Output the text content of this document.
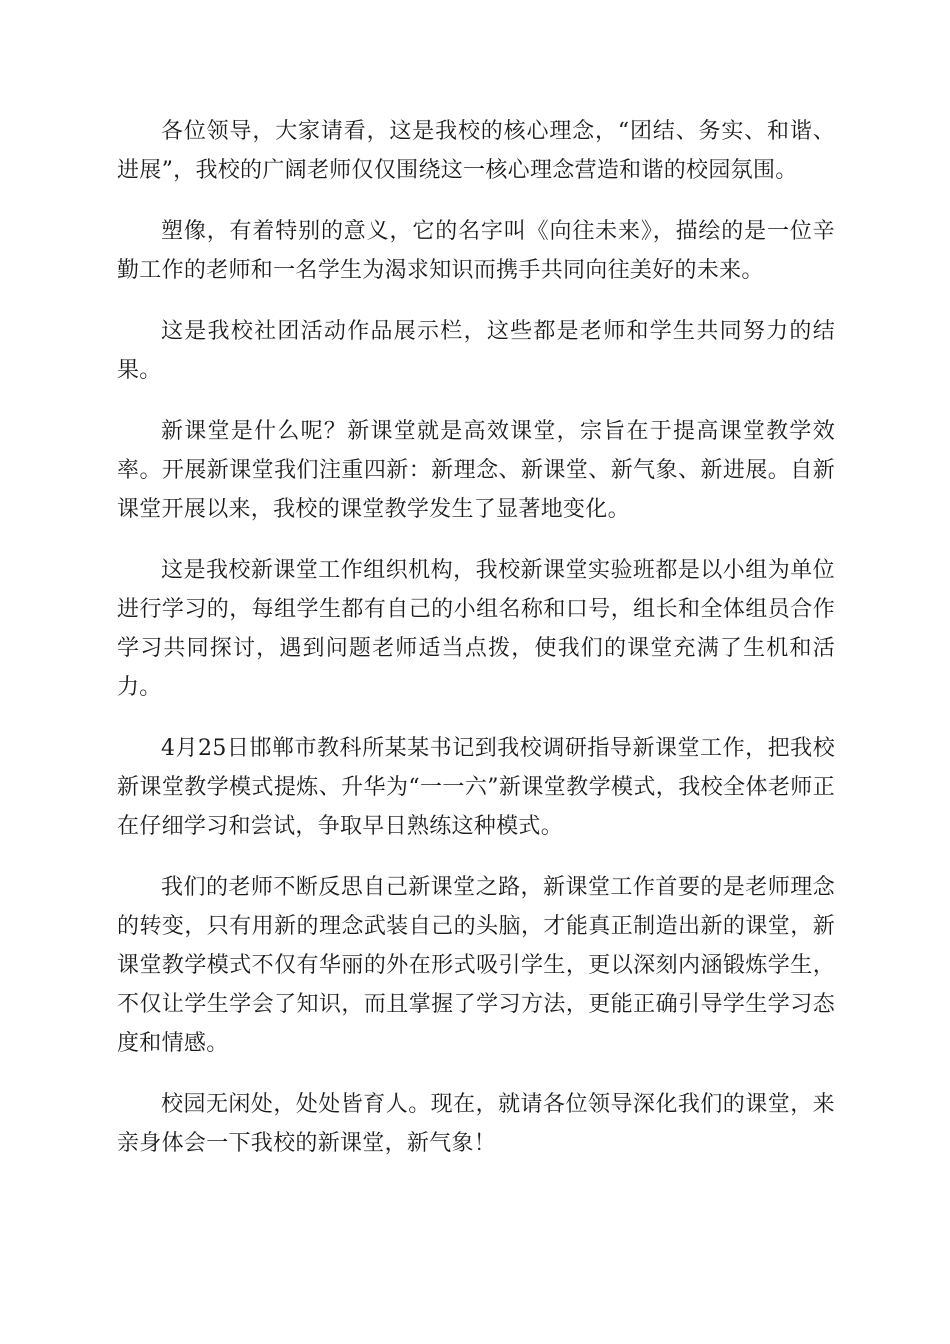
各位领导，大家请看，这是我校的核心理念，“团结、务实、和谐、进展”，我校的广阔老师仅仅围绕这一核心理念营造和谐的校园氛围。

塑像，有着特别的意义，它的名字叫《向往未来》，描绘的是一位辛勤工作的老师和一名学生为渴求知识而携手共同向往美好的未来。

这是我校社团活动作品展示栏，这些都是老师和学生共同努力的结果。

新课堂是什么呢？新课堂就是高效课堂，宗旨在于提高课堂教学效率。开展新课堂我们注重四新：新理念、新课堂、新气象、新进展。自新课堂开展以来，我校的课堂教学发生了显著地变化。

这是我校新课堂工作组织机构，我校新课堂实验班都是以小组为单位进行学习的，每组学生都有自己的小组名称和口号，组长和全体组员合作学习共同探讨，遇到问题老师适当点拨，使我们的课堂充满了生机和活力。

4月25日邯郸市教科所某某书记到我校调研指导新课堂工作，把我校新课堂教学模式提炼、升华为“一一六”新课堂教学模式，我校全体老师正在仔细学习和尝试，争取早日熟练这种模式。

我们的老师不断反思自己新课堂之路，新课堂工作首要的是老师理念的转变，只有用新的理念武装自己的头脑，才能真正制造出新的课堂，新课堂教学模式不仅有华丽的外在形式吸引学生，更以深刻内涵锻炼学生，不仅让学生学会了知识，而且掌握了学习方法，更能正确引导学生学习态度和情感。

校园无闲处，处处皆育人。现在，就请各位领导深化我们的课堂，来亲身体会一下我校的新课堂，新气象！
